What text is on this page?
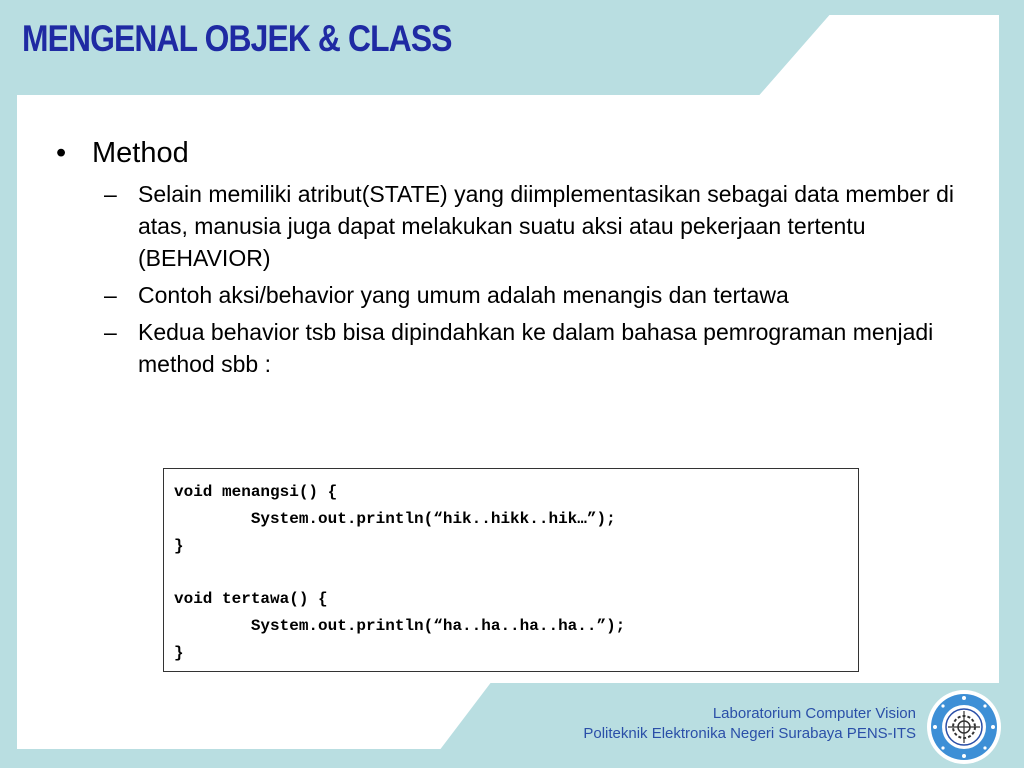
MENGENAL OBJEK & CLASS
• Method
– Selain memiliki atribut(STATE) yang diimplementasikan sebagai data member di atas, manusia juga dapat melakukan suatu aksi atau pekerjaan tertentu (BEHAVIOR)
– Contoh aksi/behavior yang umum adalah menangis dan tertawa
– Kedua behavior tsb bisa dipindahkan ke dalam bahasa pemrograman menjadi method sbb :
void menangsi() {
System.out.println(“hik..hikk..hik…”);
}

void tertawa() {
System.out.println(“ha..ha..ha..ha..”);
}
Laboratorium Computer Vision
Politeknik Elektronika Negeri Surabaya PENS-ITS
